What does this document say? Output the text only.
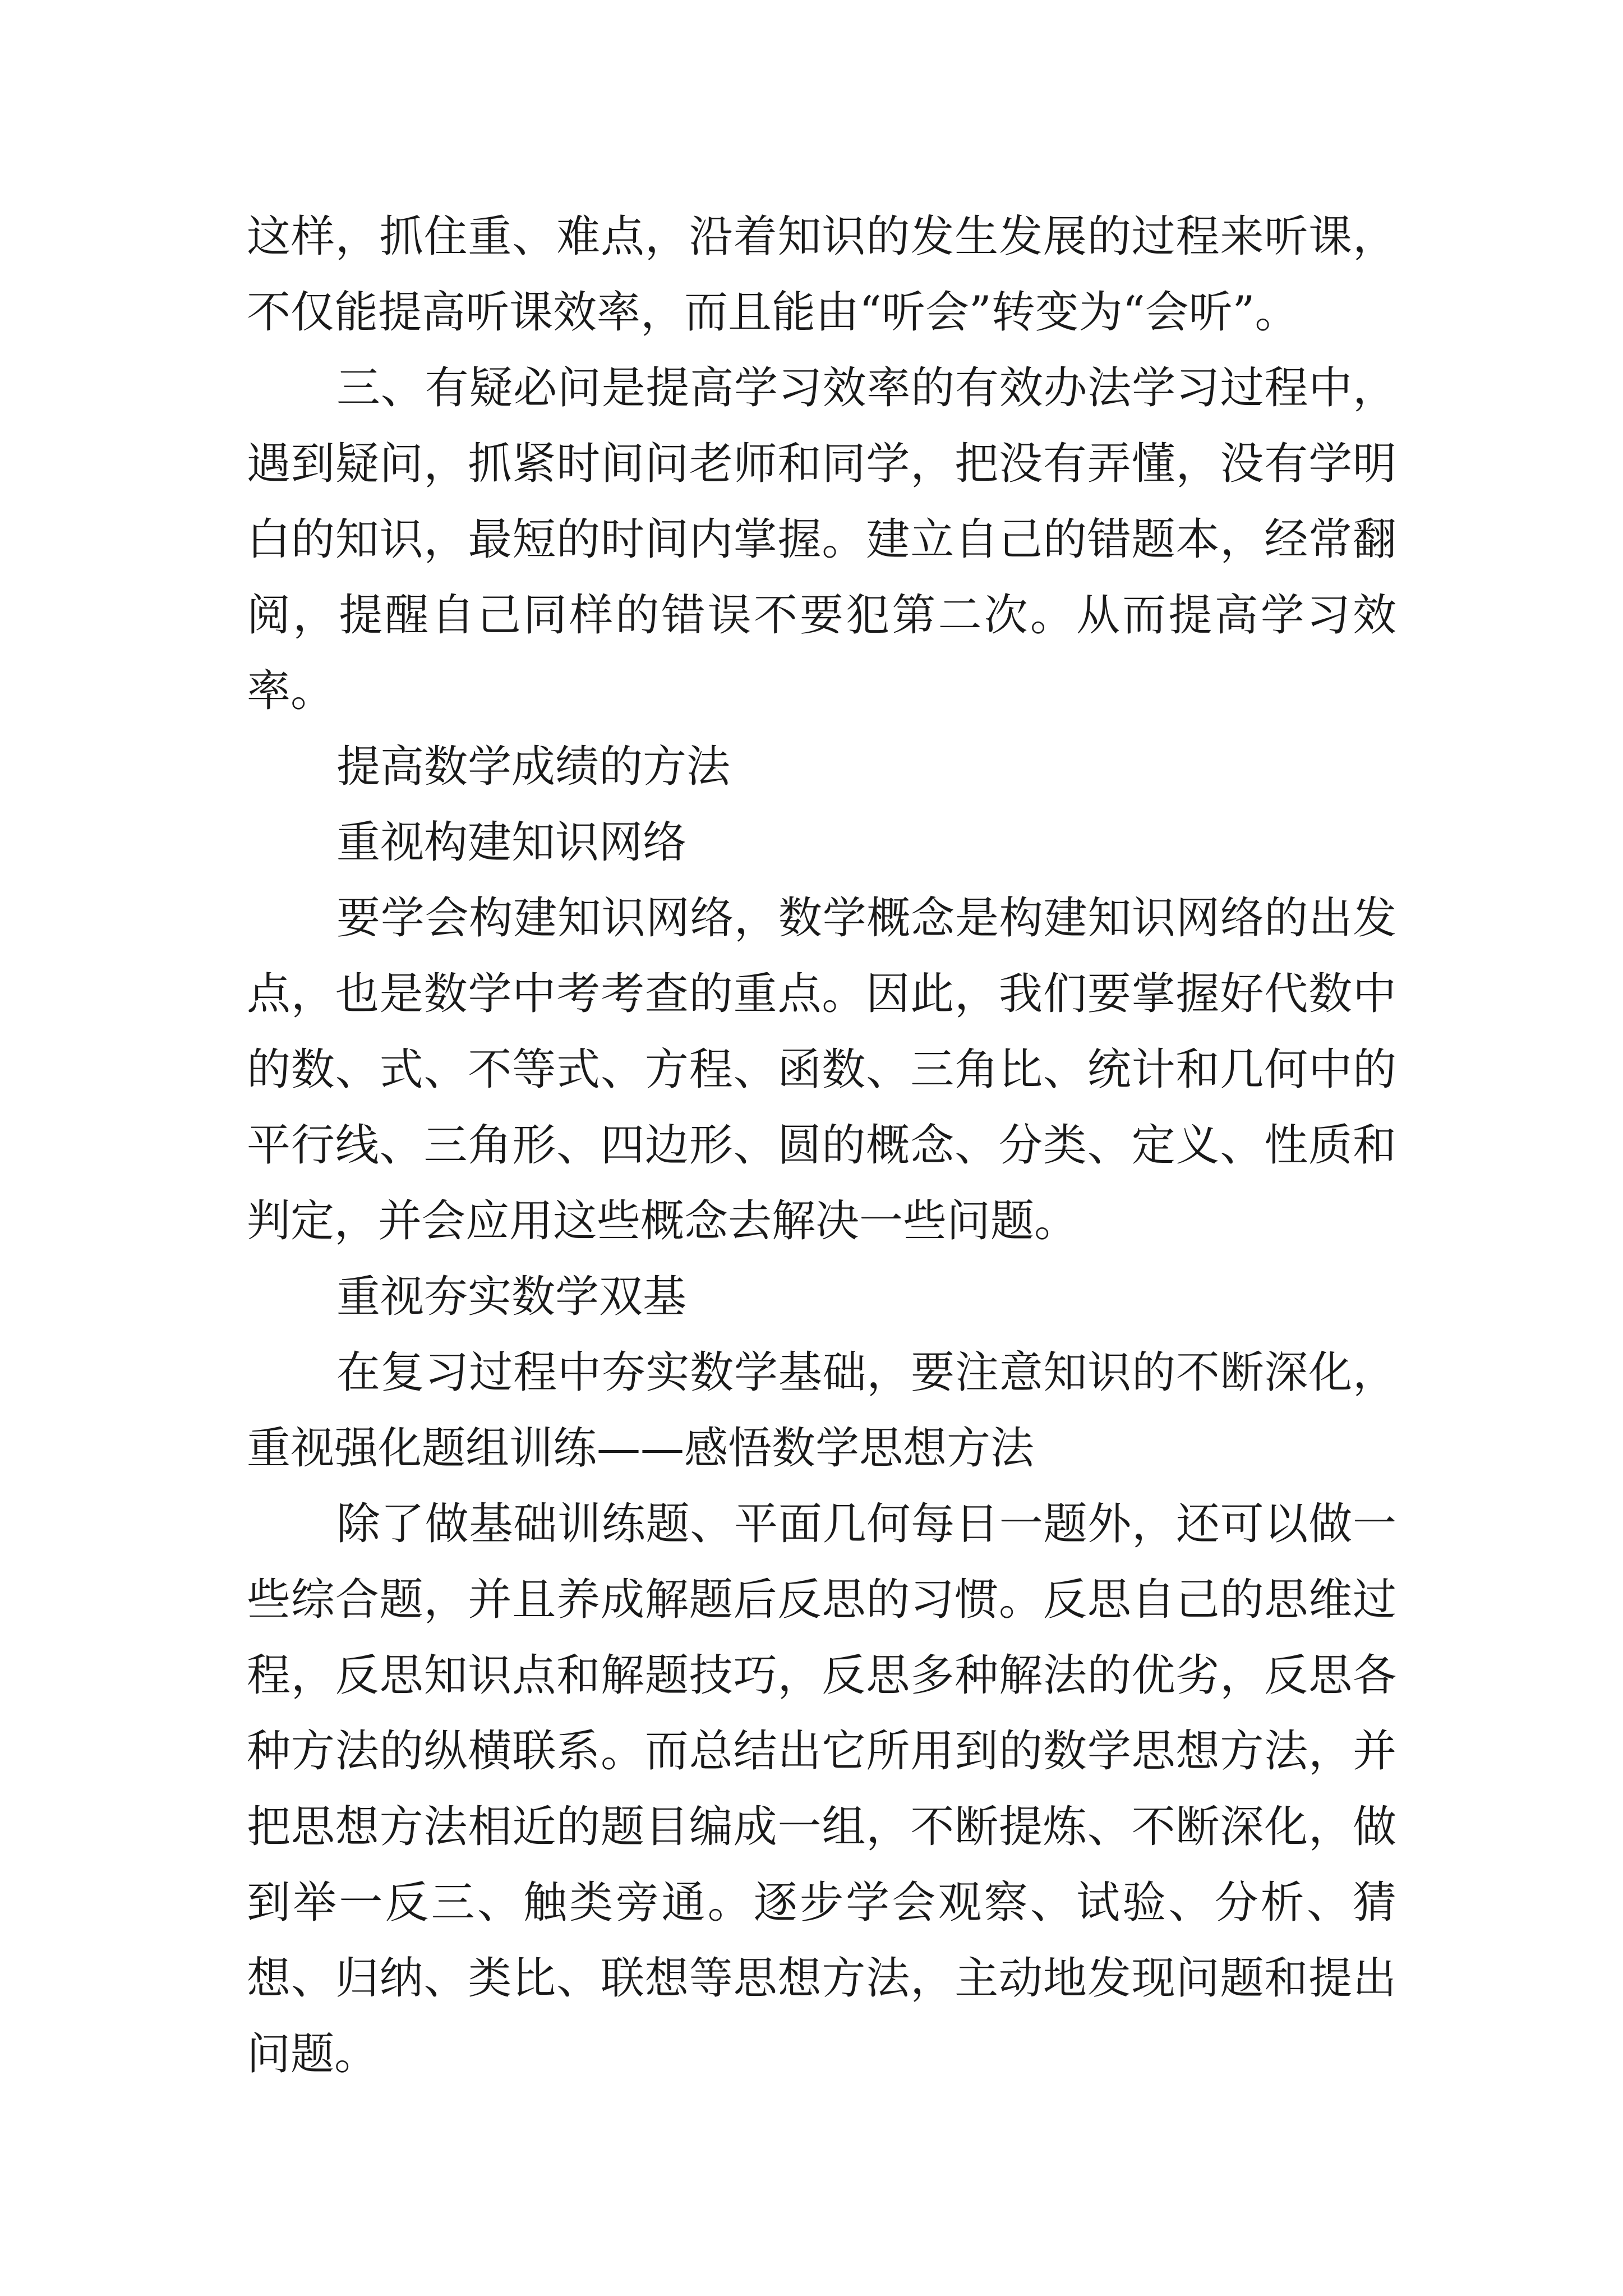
这样，抓住重、难点，沿着知识的发生发展的过程来听课，不仅能提高听课效率，而且能由“听会”转变为“会听”。

三、有疑必问是提高学习效率的有效办法学习过程中，遇到疑问，抓紧时间问老师和同学，把没有弄懂，没有学明白的知识，最短的时间内掌握。建立自己的错题本，经常翻阅，提醒自己同样的错误不要犯第二次。从而提高学习效率。

提高数学成绩的方法

重视构建知识网络

要学会构建知识网络，数学概念是构建知识网络的出发点，也是数学中考考查的重点。因此，我们要掌握好代数中的数、式、不等式、方程、函数、三角比、统计和几何中的平行线、三角形、四边形、圆的概念、分类、定义、性质和判定，并会应用这些概念去解决一些问题。

重视夯实数学双基

在复习过程中夯实数学基础，要注意知识的不断深化，重视强化题组训练——感悟数学思想方法

除了做基础训练题、平面几何每日一题外，还可以做一些综合题，并且养成解题后反思的习惯。反思自己的思维过程，反思知识点和解题技巧，反思多种解法的优劣，反思各种方法的纵横联系。而总结出它所用到的数学思想方法，并把思想方法相近的题目编成一组，不断提炼、不断深化，做到举一反三、触类旁通。逐步学会观察、试验、分析、猜想、归纳、类比、联想等思想方法，主动地发现问题和提出问题。
